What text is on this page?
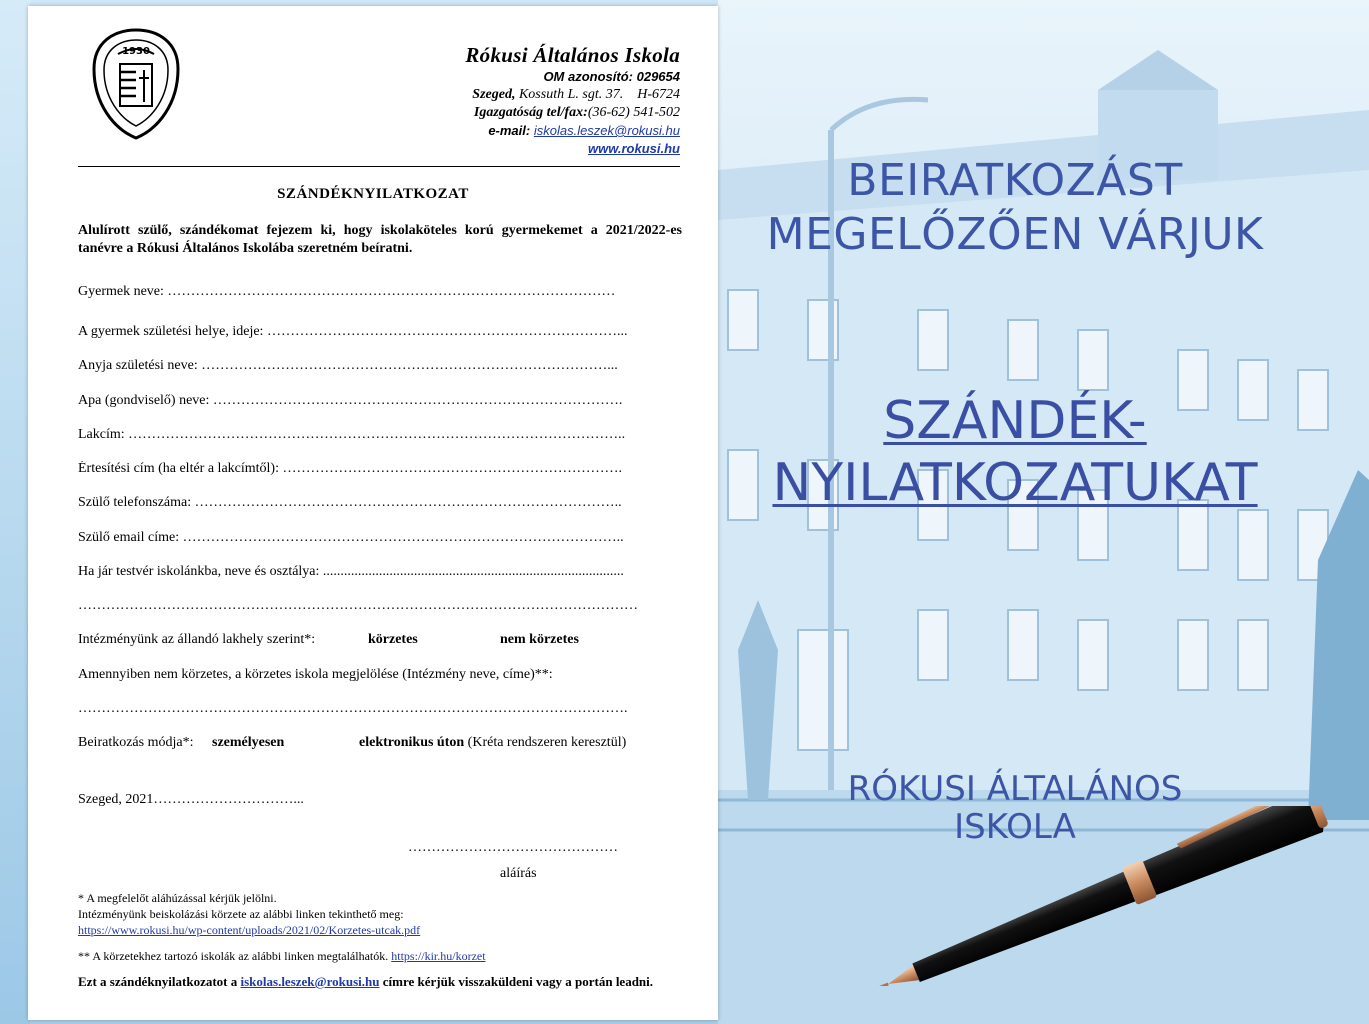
1930	Rókusi Általános Iskola
OM azonosító: 029654
Szeged, Kossuth L. sgt. 37. H-6724
Igazgatóság tel/fax:(36-62) 541-502
e-mail: iskolas.leszek@rokusi.hu
www.rokusi.hu
SZÁNDÉKNYILATKOZAT
Alulírott szülő, szándékomat fejezem ki, hogy iskolaköteles korú gyermekemet a 2021/2022-es tanévre a Rókusi Általános Iskolába szeretném beíratni.
Gyermek neve: ……………………………………………………………………………………
A gyermek születési helye, ideje: …………………………………………………………………...
Anyja születési neve: ……………………………………………………………………………...
Apa (gondviselő) neve: …………………………………………………………………………….
Lakcím: ……………………………………………………………………………………………..
Értesítési cím (ha eltér a lakcímtől): ……………………………………………………………….
Szülő telefonszáma: ………………………………………………………………………………..
Szülő email címe: …………………………………………………………………………………..
Ha jár testvér iskolánkba, neve és osztálya: ......................................................................................
…………………………………………………………………………………………………………
Intézményünk az állandó lakhely szerint*:	körzetes	nem körzetes
Amennyiben nem körzetes, a körzetes iskola megjelölése (Intézmény neve, címe)**:
……………………………………………………………………………………………………….
Beiratkozás módja*: személyesen	elektronikus úton (Kréta rendszeren keresztül)
Szeged, 2021…………………………...
………………………………………
aláírás
* A megfelelőt aláhúzással kérjük jelölni.
Intézményünk beiskolázási körzete az alábbi linken tekinthető meg:
https://www.rokusi.hu/wp-content/uploads/2021/02/Korzetes-utcak.pdf
** A körzetekhez tartozó iskolák az alábbi linken megtalálhatók. https://kir.hu/korzet
Ezt a szándéknyilatkozatot a iskolas.leszek@rokusi.hu címre kérjük visszaküldeni vagy a portán leadni.
BEIRATKOZÁST
MEGELŐZŐEN VÁRJUK
SZÁNDÉK-
NYILATKOZATUKAT
RÓKUSI ÁLTALÁNOS
ISKOLA
